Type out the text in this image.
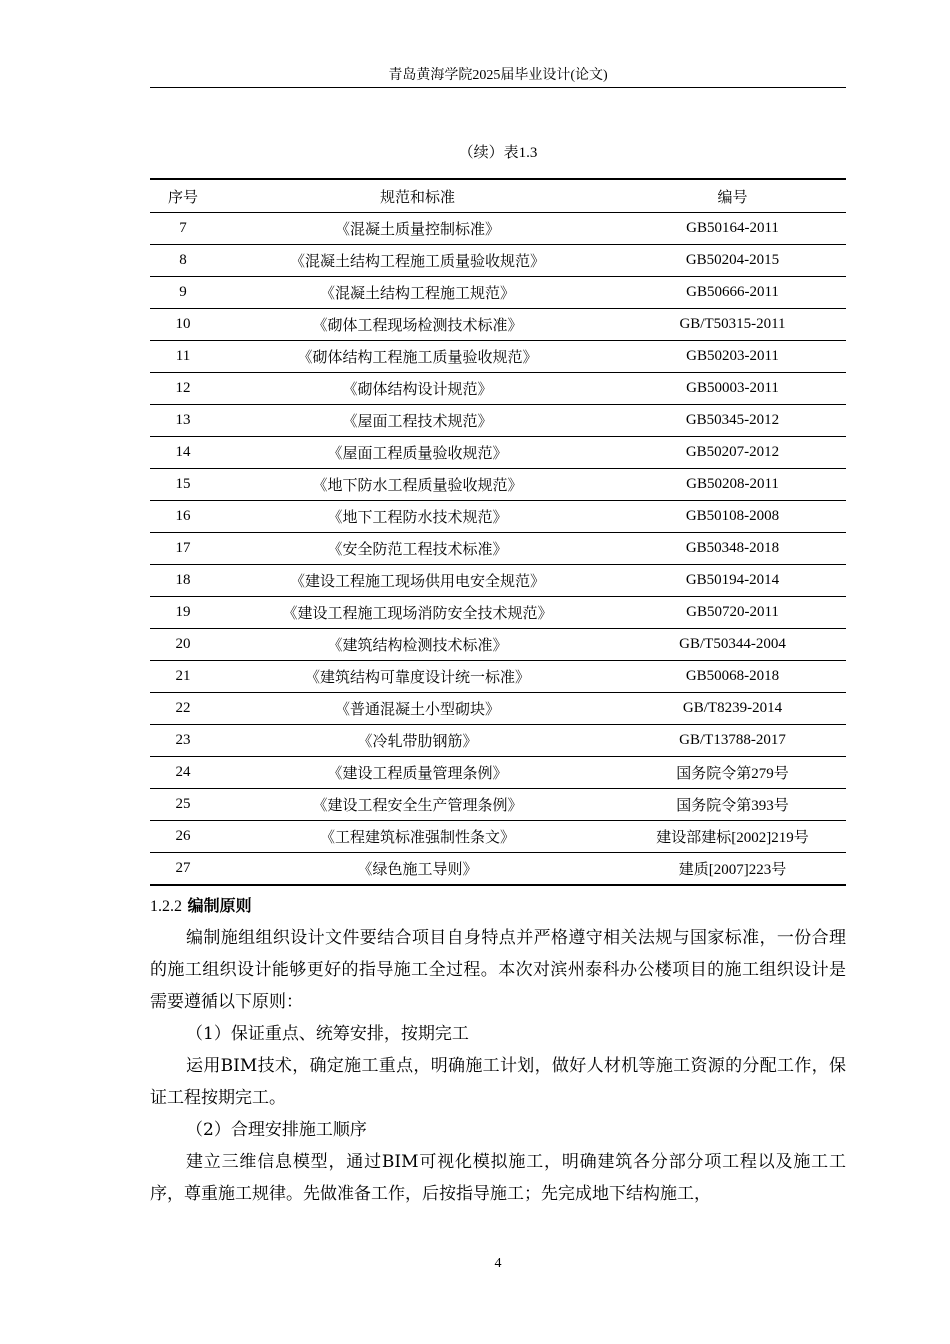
青岛黄海学院2025届毕业设计(论文)
（续）表1.3
序号	规范和标准	编号
7	《混凝土质量控制标准》	GB50164-2011
8	《混凝土结构工程施工质量验收规范》	GB50204-2015
9	《混凝土结构工程施工规范》	GB50666-2011
10	《砌体工程现场检测技术标准》	GB/T50315-2011
11	《砌体结构工程施工质量验收规范》	GB50203-2011
12	《砌体结构设计规范》	GB50003-2011
13	《屋面工程技术规范》	GB50345-2012
14	《屋面工程质量验收规范》	GB50207-2012
15	《地下防水工程质量验收规范》	GB50208-2011
16	《地下工程防水技术规范》	GB50108-2008
17	《安全防范工程技术标准》	GB50348-2018
18	《建设工程施工现场供用电安全规范》	GB50194-2014
19	《建设工程施工现场消防安全技术规范》	GB50720-2011
20	《建筑结构检测技术标准》	GB/T50344-2004
21	《建筑结构可靠度设计统一标准》	GB50068-2018
22	《普通混凝土小型砌块》	GB/T8239-2014
23	《冷轧带肋钢筋》	GB/T13788-2017
24	《建设工程质量管理条例》	国务院令第279号
25	《建设工程安全生产管理条例》	国务院令第393号
26	《工程建筑标准强制性条文》	建设部建标[2002]219号
27	《绿色施工导则》	建质[2007]223号
1.2.2 编制原则
编制施组组织设计文件要结合项目自身特点并严格遵守相关法规与国家标准，一份合理的施工组织设计能够更好的指导施工全过程。本次对滨州泰科办公楼项目的施工组织设计是需要遵循以下原则：
（1）保证重点、统筹安排，按期完工
运用BIM技术，确定施工重点，明确施工计划，做好人材机等施工资源的分配工作，保证工程按期完工。
（2）合理安排施工顺序
建立三维信息模型，通过BIM可视化模拟施工，明确建筑各分部分项工程以及施工工序，尊重施工规律。先做准备工作，后按指导施工；先完成地下结构施工，
4
